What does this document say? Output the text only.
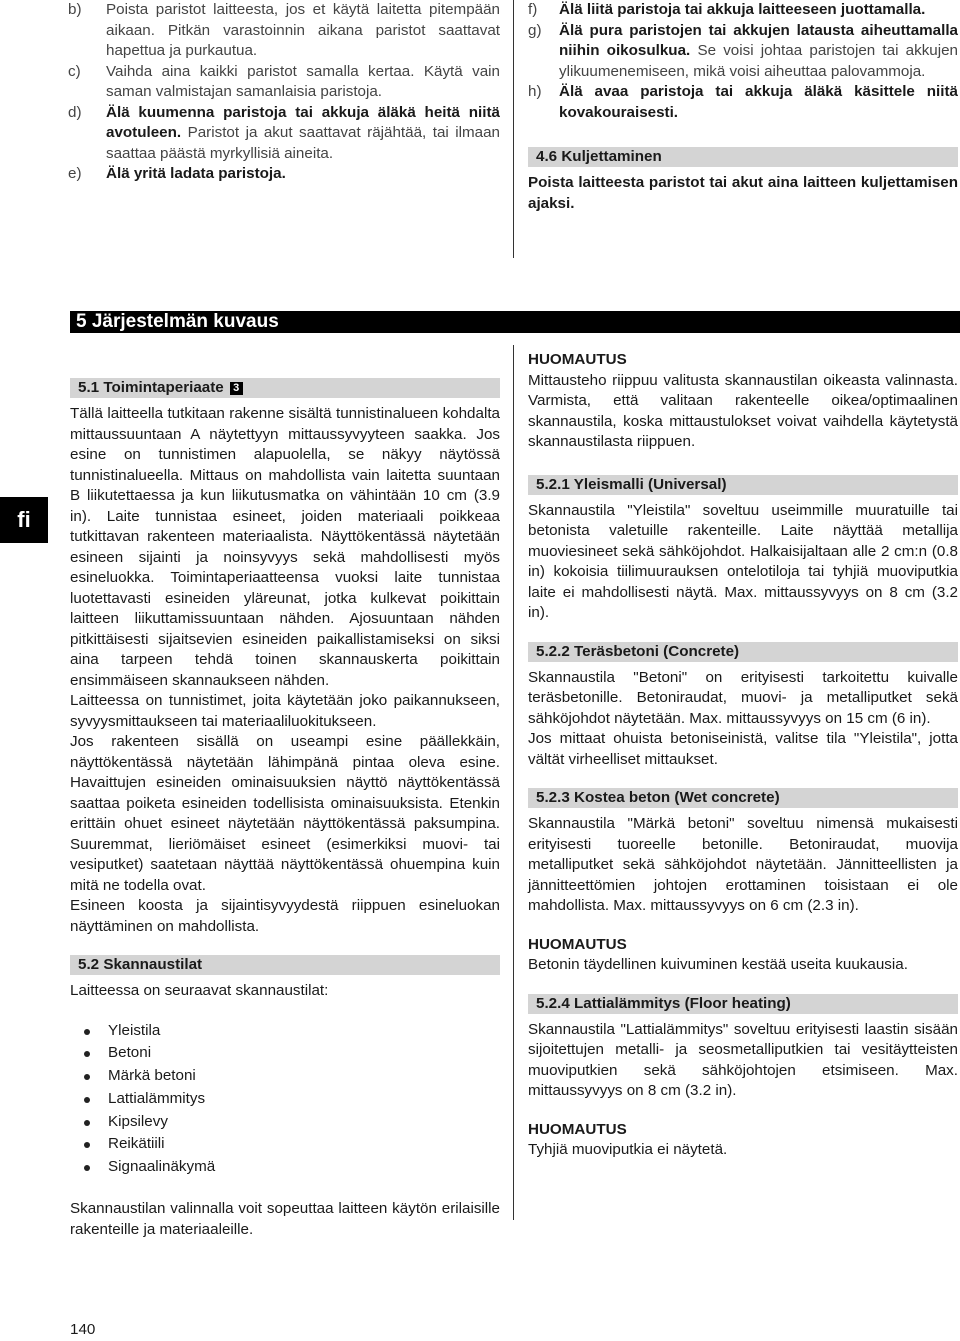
b) Poista paristot laitteesta, jos et käytä laitetta pitempään aikaan. Pitkän varastoinnin aikana paristot saattavat hapettua ja purkautua.
c) Vaihda aina kaikki paristot samalla kertaa. Käytä vain saman valmistajan samanlaisia paristoja.
d) Älä kuumenna paristoja tai akkuja äläkä heitä niitä avotuleen. Paristot ja akut saattavat räjähtää, tai ilmaan saattaa päästä myrkyllisiä aineita.
e) Älä yritä ladata paristoja.
f) Älä liitä paristoja tai akkuja laitteeseen juottamalla.
g) Älä pura paristojen tai akkujen latausta aiheuttamalla niihin oikosulkua. Se voisi johtaa paristojen tai akkujen ylikuumenemiseen, mikä voisi aiheuttaa palovammoja.
h) Älä avaa paristoja tai akkuja äläkä käsittele niitä kovakouraisesti.
4.6 Kuljettaminen

Poista laitteesta paristot tai akut aina laitteen kuljettamisen ajaksi.

5 Järjestelmän kuvaus
fi
5.1 Toimintaperiaate 3

Tällä laitteella tutkitaan rakenne sisältä tunnistinalueen kohdalta mittaussuuntaan A näytettyyn mittaussyvyyteen saakka. Jos esine on tunnistimen alapuolella, se näkyy näytössä tunnistinalueella. Mittaus on mahdollista vain laitetta suuntaan B liikutettaessa ja kun liikutusmatka on vähintään 10 cm (3.9 in). Laite tunnistaa esineet, joiden materiaali poikkeaa tutkittavan rakenteen materiaalista. Näyttökentässä näytetään esineen sijainti ja noinsyvyys sekä mahdollisesti myös esineluokka. Toimintaperiaatteensa vuoksi laite tunnistaa luotettavasti esineiden yläreunat, jotka kulkevat poikittain laitteen liikuttamissuuntaan nähden. Ajosuuntaan nähden pitkittäisesti sijaitsevien esineiden paikallistamiseksi on siksi aina tarpeen tehdä toinen skannauskerta poikittain ensimmäiseen skannaukseen nähden.

Laitteessa on tunnistimet, joita käytetään joko paikannukseen, syvyysmittaukseen tai materiaaliluokitukseen.

Jos rakenteen sisällä on useampi esine päällekkäin, näyttökentässä näytetään lähimpänä pintaa oleva esine. Havaittujen esineiden ominaisuuksien näyttö näyttökentässä saattaa poiketa esineiden todellisista ominaisuuksista. Etenkin erittäin ohuet esineet näytetään näyttökentässä paksumpina. Suuremmat, lieriömäiset esineet (esimerkiksi muovi- tai vesiputket) saatetaan näyttää näyttökentässä ohuempina kuin mitä ne todella ovat.

Esineen koosta ja sijaintisyvyydestä riippuen esineluokan näyttäminen on mahdollista.

5.2 Skannaustilat

Laitteessa on seuraavat skannaustilat:

Yleistila
Betoni
Märkä betoni
Lattialämmitys
Kipsilevy
Reikätiili
Signaalinäkymä

Skannaustilan valinnalla voit sopeuttaa laitteen käytön erilaisille rakenteille ja materiaaleille.

HUOMAUTUS

Mittausteho riippuu valitusta skannaustilan oikeasta valinnasta. Varmista, että valitaan rakenteelle oikea/optimaalinen skannaustila, koska mittaustulokset voivat vaihdella käytetystä skannaustilasta riippuen.

5.2.1 Yleismalli (Universal)

Skannaustila "Yleistila" soveltuu useimmille muuratuille tai betonista valetuille rakenteille. Laite näyttää metallija muoviesineet sekä sähköjohdot. Halkaisijaltaan alle 2 cm:n (0.8 in) kokoisia tiilimuurauksen ontelotiloja tai tyhjiä muoviputkia laite ei mahdollisesti näytä. Max. mittaussyvyys on 8 cm (3.2 in).

5.2.2 Teräsbetoni (Concrete)

Skannaustila "Betoni" on erityisesti tarkoitettu kuivalle teräsbetonille. Betoniraudat, muovi- ja metalliputket sekä sähköjohdot näytetään. Max. mittaussyvyys on 15 cm (6 in).

Jos mittaat ohuista betoniseinistä, valitse tila "Yleistila", jotta vältät virheelliset mittaukset.

5.2.3 Kostea beton (Wet concrete)

Skannaustila "Märkä betoni" soveltuu nimensä mukaisesti erityisesti tuoreelle betonille. Betoniraudat, muovija metalliputket sekä sähköjohdot näytetään. Jännitteellisten ja jännitteettömien johtojen erottaminen toisistaan ei ole mahdollista. Max. mittaussyvyys on 6 cm (2.3 in).

HUOMAUTUS

Betonin täydellinen kuivuminen kestää useita kuukausia.

5.2.4 Lattialämmitys (Floor heating)

Skannaustila "Lattialämmitys" soveltuu erityisesti laastin sisään sijoitettujen metalli- ja seosmetalliputkien tai vesitäytteisten muoviputkien sekä sähköjohtojen etsimiseen. Max. mittaussyvyys on 8 cm (3.2 in).

HUOMAUTUS

Tyhjiä muoviputkia ei näytetä.

140
